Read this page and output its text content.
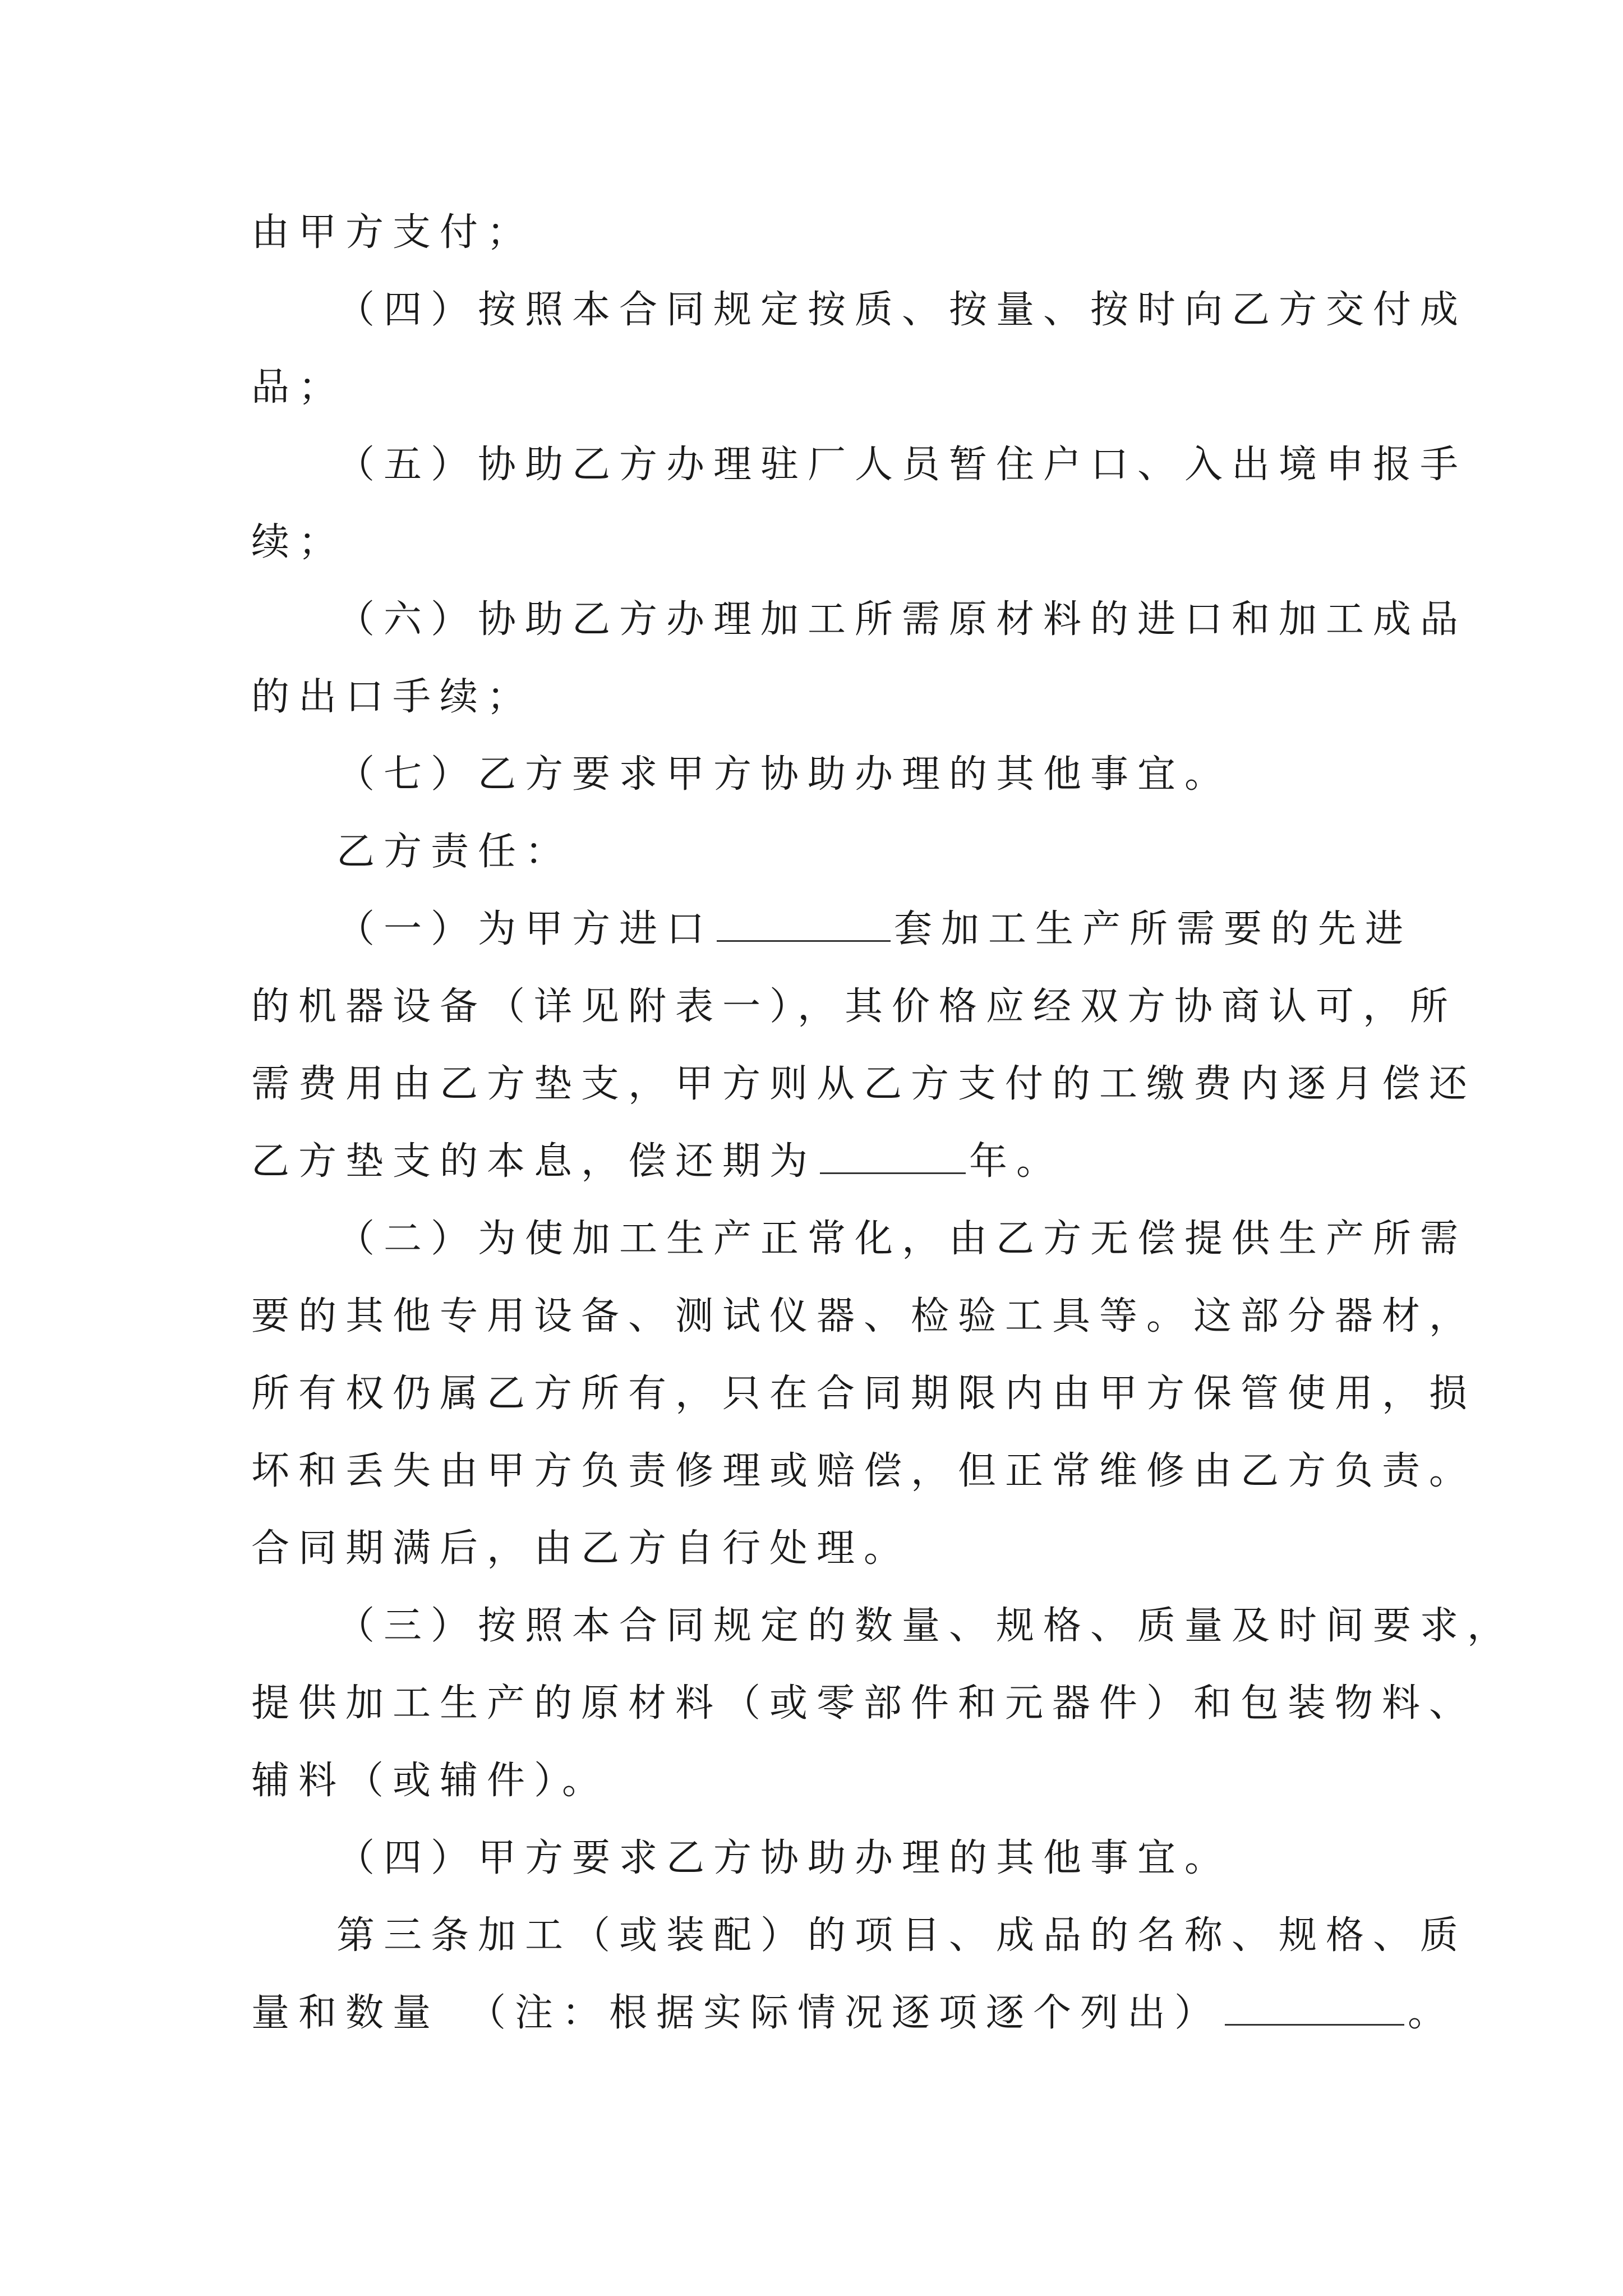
由甲方支付；
（四）按照本合同规定按质、按量、按时向乙方交付成
品；
（五）协助乙方办理驻厂人员暂住户口、入出境申报手
续；
（六）协助乙方办理加工所需原材料的进口和加工成品
的出口手续；
（七）乙方要求甲方协助办理的其他事宜。
乙方责任：
（一）为甲方进口	套加工生产所需要的先进
的机器设备（详见附表一），其价格应经双方协商认可，所
需费用由乙方垫支，甲方则从乙方支付的工缴费内逐月偿还
乙方垫支的本息，偿还期为	年。
（二）为使加工生产正常化，由乙方无偿提供生产所需
要的其他专用设备、测试仪器、检验工具等。这部分器材，
所有权仍属乙方所有，只在合同期限内由甲方保管使用，损
坏和丢失由甲方负责修理或赔偿，但正常维修由乙方负责。
合同期满后，由乙方自行处理。
（三）按照本合同规定的数量、规格、质量及时间要求，
提供加工生产的原材料（或零部件和元器件）和包装物料、
辅料（或辅件）。
（四）甲方要求乙方协助办理的其他事宜。
第三条加工（或装配）的项目、成品的名称、规格、质
量和数量　（注：根据实际情况逐项逐个列出）	。
